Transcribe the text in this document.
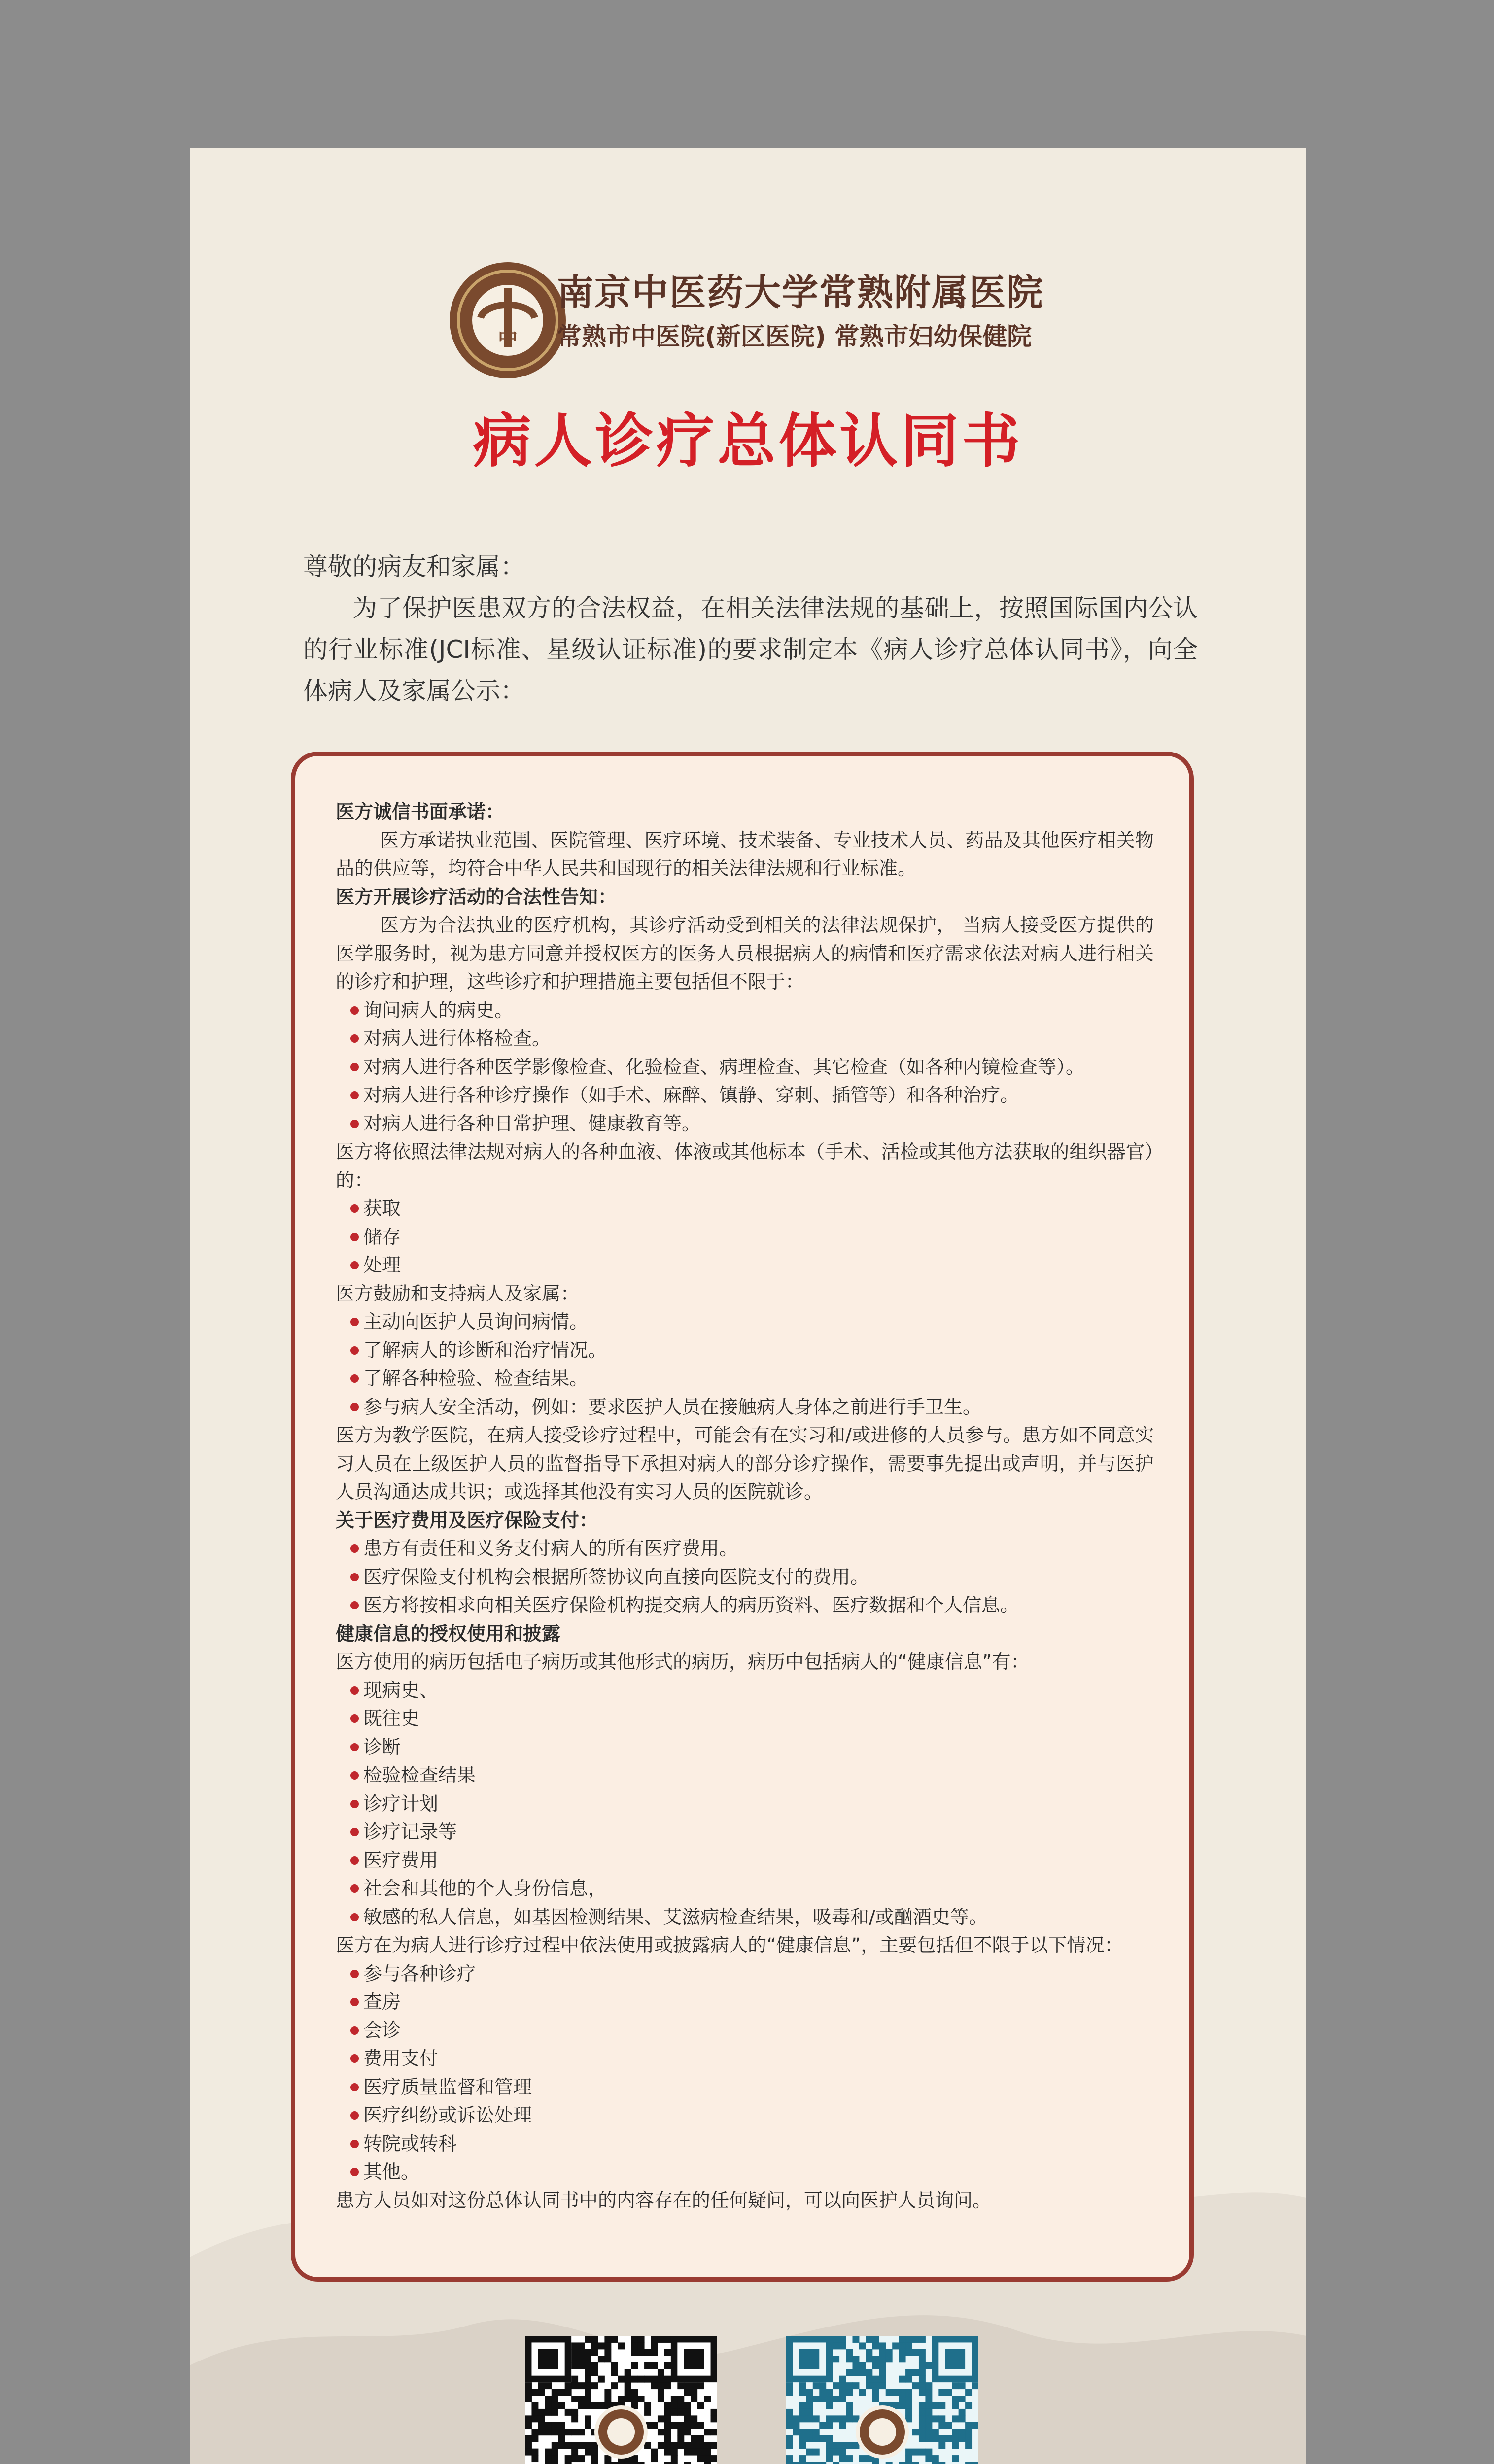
中
南京中医药大学常熟附属医院
常熟市中医院(新区医院) 常熟市妇幼保健院
病人诊疗总体认同书
尊敬的病友和家属：
为了保护医患双方的合法权益，在相关法律法规的基础上，按照国际国内公认的行业标准(JCI标准、星级认证标准)的要求制定本《病人诊疗总体认同书》，向全体病人及家属公示：

医方诚信书面承诺：

医方承诺执业范围、医院管理、医疗环境、技术装备、专业技术人员、药品及其他医疗相关物品的供应等，均符合中华人民共和国现行的相关法律法规和行业标准。

医方开展诊疗活动的合法性告知：

医方为合法执业的医疗机构，其诊疗活动受到相关的法律法规保护， 当病人接受医方提供的医学服务时，视为患方同意并授权医方的医务人员根据病人的病情和医疗需求依法对病人进行相关的诊疗和护理，这些诊疗和护理措施主要包括但不限于：

询问病人的病史。

对病人进行体格检查。

对病人进行各种医学影像检查、化验检查、病理检查、其它检查（如各种内镜检查等）。

对病人进行各种诊疗操作（如手术、麻醉、镇静、穿刺、插管等）和各种治疗。

对病人进行各种日常护理、健康教育等。

医方将依照法律法规对病人的各种血液、体液或其他标本（手术、活检或其他方法获取的组织器官）的：

获取

储存

处理

医方鼓励和支持病人及家属：

主动向医护人员询问病情。

了解病人的诊断和治疗情况。

了解各种检验、检查结果。

参与病人安全活动，例如：要求医护人员在接触病人身体之前进行手卫生。

医方为教学医院，在病人接受诊疗过程中，可能会有在实习和/或进修的人员参与。患方如不同意实习人员在上级医护人员的监督指导下承担对病人的部分诊疗操作，需要事先提出或声明，并与医护人员沟通达成共识；或选择其他没有实习人员的医院就诊。

关于医疗费用及医疗保险支付：

患方有责任和义务支付病人的所有医疗费用。

医疗保险支付机构会根据所签协议向直接向医院支付的费用。

医方将按相求向相关医疗保险机构提交病人的病历资料、医疗数据和个人信息。

健康信息的授权使用和披露

医方使用的病历包括电子病历或其他形式的病历，病历中包括病人的“健康信息”有：

现病史、

既往史

诊断

检验检查结果

诊疗计划

诊疗记录等

医疗费用

社会和其他的个人身份信息，

敏感的私人信息，如基因检测结果、艾滋病检查结果，吸毒和/或酗酒史等。

医方在为病人进行诊疗过程中依法使用或披露病人的“健康信息”，主要包括但不限于以下情况：

参与各种诊疗

查房

会诊

费用支付

医疗质量监督和管理

医疗纠纷或诉讼处理

转院或转科

其他。

患方人员如对这份总体认同书中的内容存在的任何疑问，可以向医护人员询问。
